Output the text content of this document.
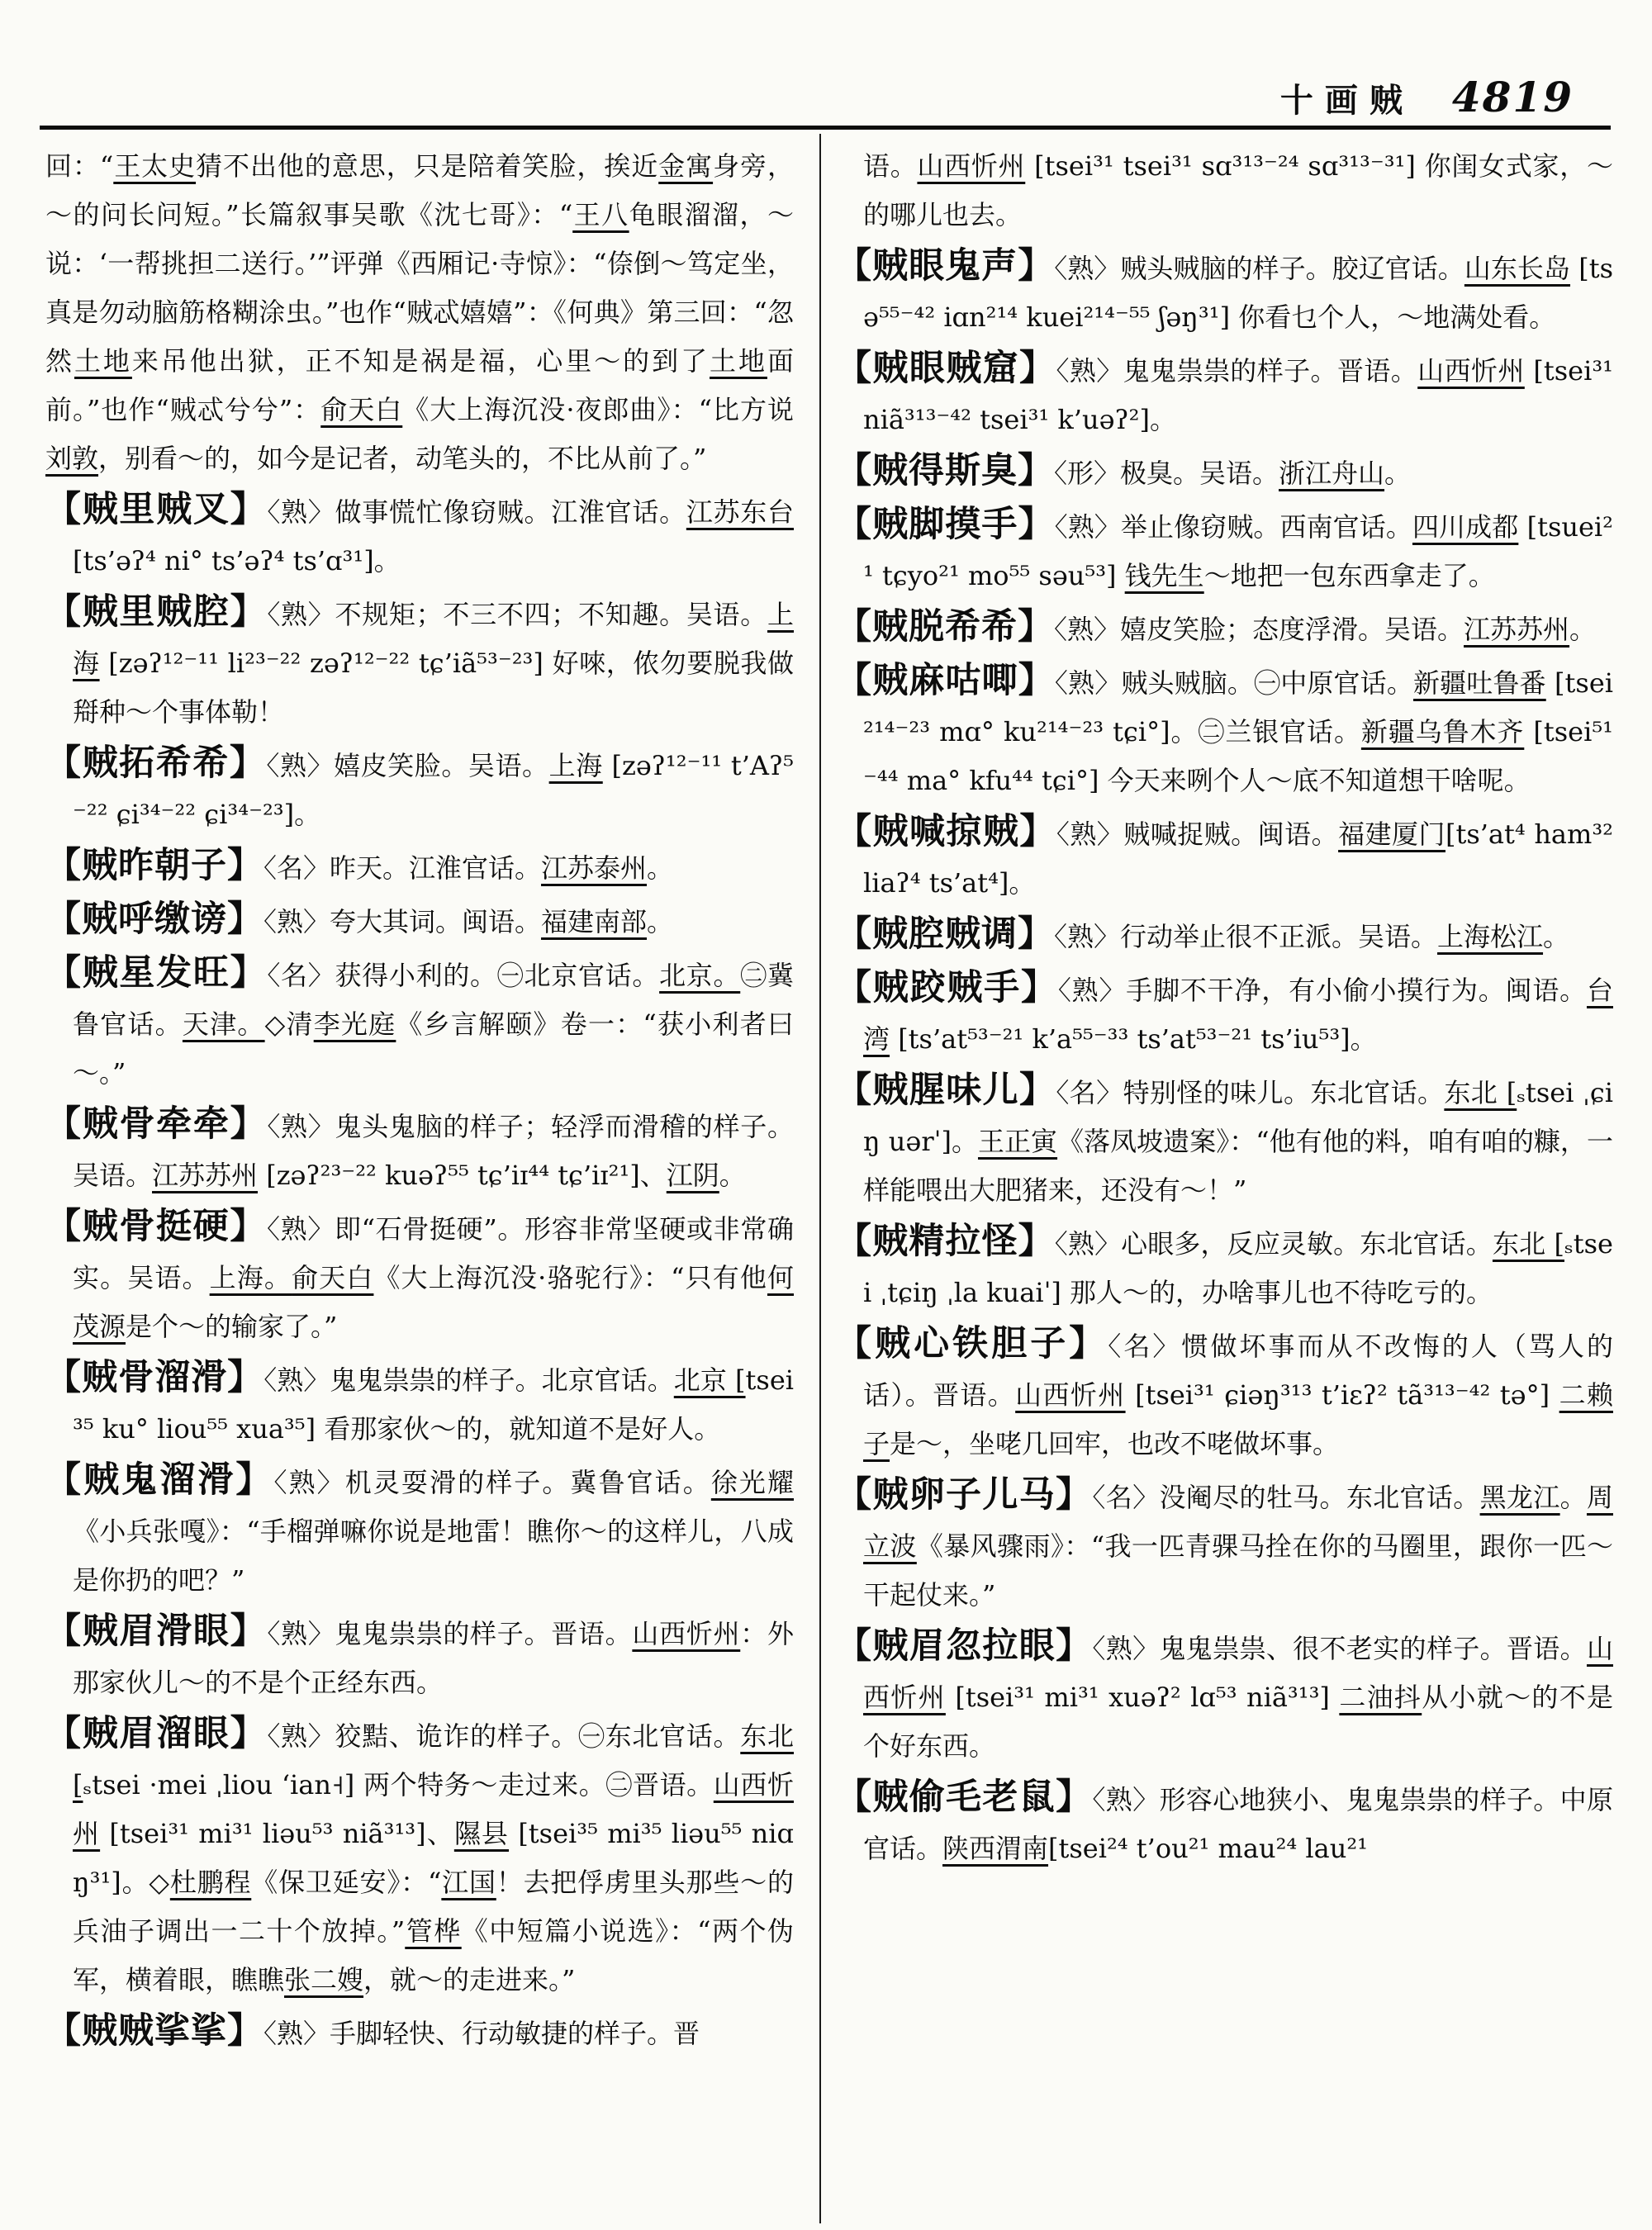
十画贼 4819
回：“王太史猜不出他的意思，只是陪着笑脸，挨近金寓身旁，～的问长问短。”长篇叙事吴歌《沈七哥》：“王八龟眼溜溜，～说：‘一帮挑担二送行。’”评弹《西厢记·寺惊》：“倷倒～笃定坐，真是勿动脑筋格糊涂虫。”也作“贼忒嬉嬉”：《何典》第三回：“忽然土地来吊他出狱，正不知是祸是福，心里～的到了土地面前。”也作“贼忒兮兮”：俞天白《大上海沉没·夜郎曲》：“比方说刘敦，别看～的，如今是记者，动笔头的，不比从前了。”
【贼里贼叉】〈熟〉做事慌忙像窃贼。江淮官话。江苏东台 [ts’əʔ⁴ ni° ts’əʔ⁴ ts’ɑ³¹]。
【贼里贼腔】〈熟〉不规矩；不三不四；不知趣。吴语。上海 [zəʔ¹²⁻¹¹ li²³⁻²² zəʔ¹²⁻²² tɕ’iã⁵³⁻²³] 好唻，侬勿要脱我做搿种～个事体勒！
【贼拓希希】〈熟〉嬉皮笑脸。吴语。上海 [zəʔ¹²⁻¹¹ t’Aʔ⁵⁻²² ɕi³⁴⁻²² ɕi³⁴⁻²³]。
【贼昨朝子】〈名〉昨天。江淮官话。江苏泰州。
【贼呼缴谤】〈熟〉夸大其词。闽语。福建南部。
【贼星发旺】〈名〉获得小利的。㊀北京官话。北京。㊁冀鲁官话。天津。◇清李光庭《乡言解颐》卷一：“获小利者曰～。”
【贼骨牵牵】〈熟〉鬼头鬼脑的样子；轻浮而滑稽的样子。吴语。江苏苏州 [zəʔ²³⁻²² kuəʔ⁵⁵ tɕ’iɪ⁴⁴ tɕ’iɪ²¹]、江阴。
【贼骨挺硬】〈熟〉即“石骨挺硬”。形容非常坚硬或非常确实。吴语。上海。俞天白《大上海沉没·骆驼行》：“只有他何茂源是个～的输家了。”
【贼骨溜滑】〈熟〉鬼鬼祟祟的样子。北京官话。北京 [tsei³⁵ ku° liou⁵⁵ xua³⁵] 看那家伙～的，就知道不是好人。
【贼鬼溜滑】〈熟〉机灵耍滑的样子。冀鲁官话。徐光耀《小兵张嘎》：“手榴弹嘛你说是地雷！瞧你～的这样儿，八成是你扔的吧？”
【贼眉滑眼】〈熟〉鬼鬼祟祟的样子。晋语。山西忻州：外那家伙儿～的不是个正经东西。
【贼眉溜眼】〈熟〉狡黠、诡诈的样子。㊀东北官话。东北[ₛtsei ·mei ˌliou ʻian˧] 两个特务～走过来。㊁晋语。山西忻州 [tsei³¹ mi³¹ liəu⁵³ niã³¹³]、隰县 [tsei³⁵ mi³⁵ liəu⁵⁵ niɑŋ³¹]。◇杜鹏程《保卫延安》：“江国！去把俘虏里头那些～的兵油子调出一二十个放掉。”管桦《中短篇小说选》：“两个伪军，横着眼，瞧瞧张二嫂，就～的走进来。”
【贼贼挲挲】〈熟〉手脚轻快、行动敏捷的样子。晋
语。山西忻州 [tsei³¹ tsei³¹ sɑ³¹³⁻²⁴ sɑ³¹³⁻³¹] 你闺女式家，～的哪儿也去。
【贼眼鬼声】〈熟〉贼头贼脑的样子。胶辽官话。山东长岛 [tsə⁵⁵⁻⁴² iɑn²¹⁴ kuei²¹⁴⁻⁵⁵ ʃəŋ³¹] 你看乜个人，～地满处看。
【贼眼贼窟】〈熟〉鬼鬼祟祟的样子。晋语。山西忻州 [tsei³¹ niã³¹³⁻⁴² tsei³¹ k’uəʔ²]。
【贼得斯臭】〈形〉极臭。吴语。浙江舟山。
【贼脚摸手】〈熟〉举止像窃贼。西南官话。四川成都 [tsuei²¹ tɕyo²¹ mo⁵⁵ səu⁵³] 钱先生～地把一包东西拿走了。
【贼脱希希】〈熟〉嬉皮笑脸；态度浮滑。吴语。江苏苏州。
【贼麻咕唧】〈熟〉贼头贼脑。㊀中原官话。新疆吐鲁番 [tsei²¹⁴⁻²³ mɑ° ku²¹⁴⁻²³ tɕi°]。㊁兰银官话。新疆乌鲁木齐 [tsei⁵¹⁻⁴⁴ ma° kfu⁴⁴ tɕi°] 今天来咧个人～底不知道想干啥呢。
【贼喊掠贼】〈熟〉贼喊捉贼。闽语。福建厦门[ts’at⁴ ham³² liaʔ⁴ ts’at⁴]。
【贼腔贼调】〈熟〉行动举止很不正派。吴语。上海松江。
【贼跤贼手】〈熟〉手脚不干净，有小偷小摸行为。闽语。台湾 [ts’at⁵³⁻²¹ k’a⁵⁵⁻³³ ts’at⁵³⁻²¹ ts’iu⁵³]。
【贼腥味儿】〈名〉特别怪的味儿。东北官话。东北 [ₛtsei ˌɕiŋ uərˈ]。王正寅《落凤坡遗案》：“他有他的料，咱有咱的糠，一样能喂出大肥猪来，还没有～！”
【贼精拉怪】〈熟〉心眼多，反应灵敏。东北官话。东北 [ₛtsei ˌtɕiŋ ˌla kuaiˈ] 那人～的，办啥事儿也不待吃亏的。
【贼心铁胆子】〈名〉惯做坏事而从不改悔的人（骂人的话）。晋语。山西忻州 [tsei³¹ ɕiəŋ³¹³ t’iɛʔ² tã³¹³⁻⁴² tə°] 二赖子是～，坐咾几回牢，也改不咾做坏事。
【贼卵子儿马】〈名〉没阉尽的牡马。东北官话。黑龙江。周立波《暴风骤雨》：“我一匹青骒马拴在你的马圈里，跟你一匹～干起仗来。”
【贼眉忽拉眼】〈熟〉鬼鬼祟祟、很不老实的样子。晋语。山西忻州 [tsei³¹ mi³¹ xuəʔ² lɑ⁵³ niã³¹³] 二油抖从小就～的不是个好东西。
【贼偷毛老鼠】〈熟〉形容心地狭小、鬼鬼祟祟的样子。中原官话。陕西渭南[tsei²⁴ t’ou²¹ mau²⁴ lau²¹
